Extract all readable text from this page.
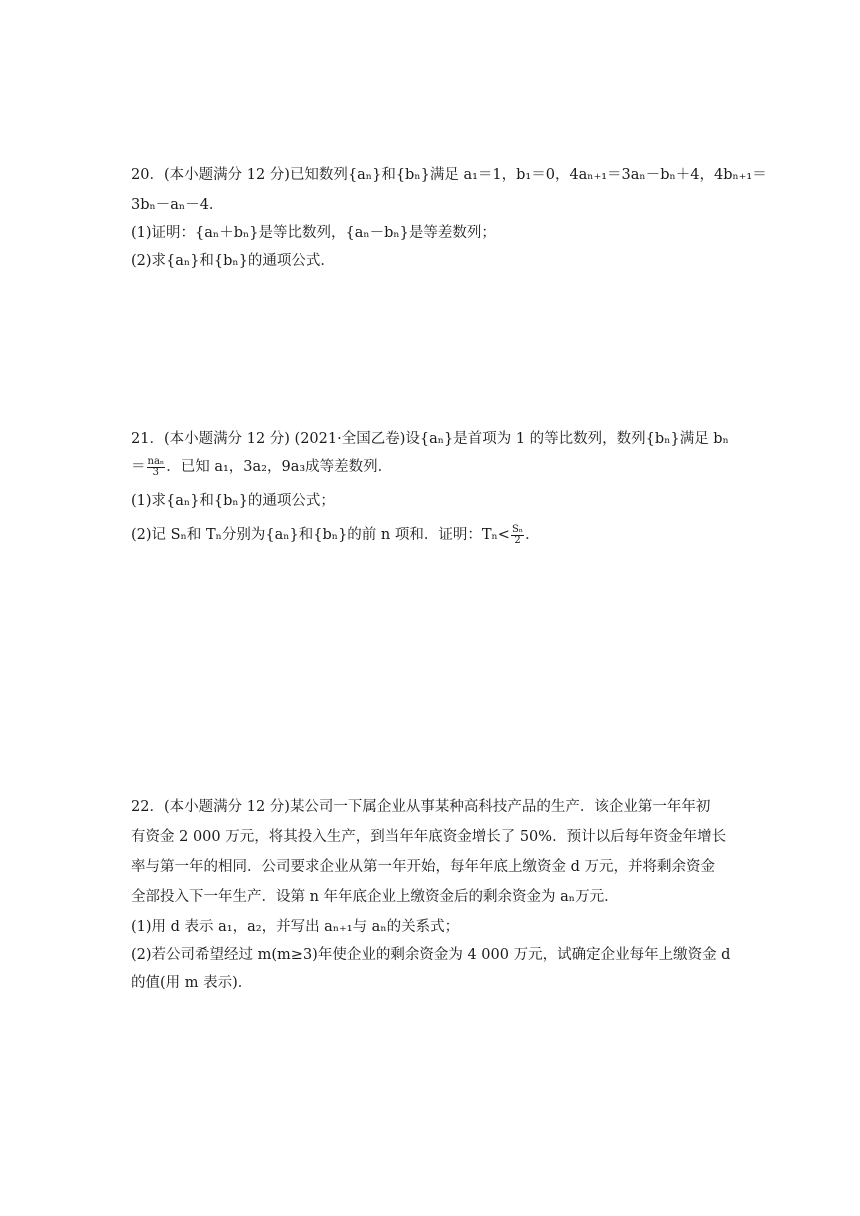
20．(本小题满分 12 分)已知数列{aₙ}和{bₙ}满足 a₁＝1，b₁＝0，4aₙ₊₁＝3aₙ－bₙ＋4，4bₙ₊₁＝
3bₙ－aₙ－4．
(1)证明：{aₙ＋bₙ}是等比数列，{aₙ－bₙ}是等差数列；
(2)求{aₙ}和{bₙ}的通项公式．
21．(本小题满分 12 分) (2021·全国乙卷)设{aₙ}是首项为 1 的等比数列，数列{bₙ}满足 bₙ
＝ $\frac{\text{naₙ}}{3}$ ．已知 a₁，3a₂，9a₃成等差数列．
(1)求{aₙ}和{bₙ}的通项公式；
(2)记 Sₙ和 Tₙ分别为{aₙ}和{bₙ}的前 n 项和．证明：$T_n< \frac{\text{Sₙ}}{2}$ ．
22．(本小题满分 12 分)某公司一下属企业从事某种高科技产品的生产．该企业第一年年初
有资金 2 000 万元，将其投入生产，到当年年底资金增长了 50%．预计以后每年资金年增长
率与第一年的相同．公司要求企业从第一年开始，每年年底上缴资金 d 万元，并将剩余资金
全部投入下一年生产．设第 n 年年底企业上缴资金后的剩余资金为 aₙ万元．
(1)用 d 表示 a₁，a₂，并写出 aₙ₊₁与 aₙ的关系式；
(2)若公司希望经过 m(m≥3)年使企业的剩余资金为 4 000 万元，试确定企业每年上缴资金 d
的值(用 m 表示)．
